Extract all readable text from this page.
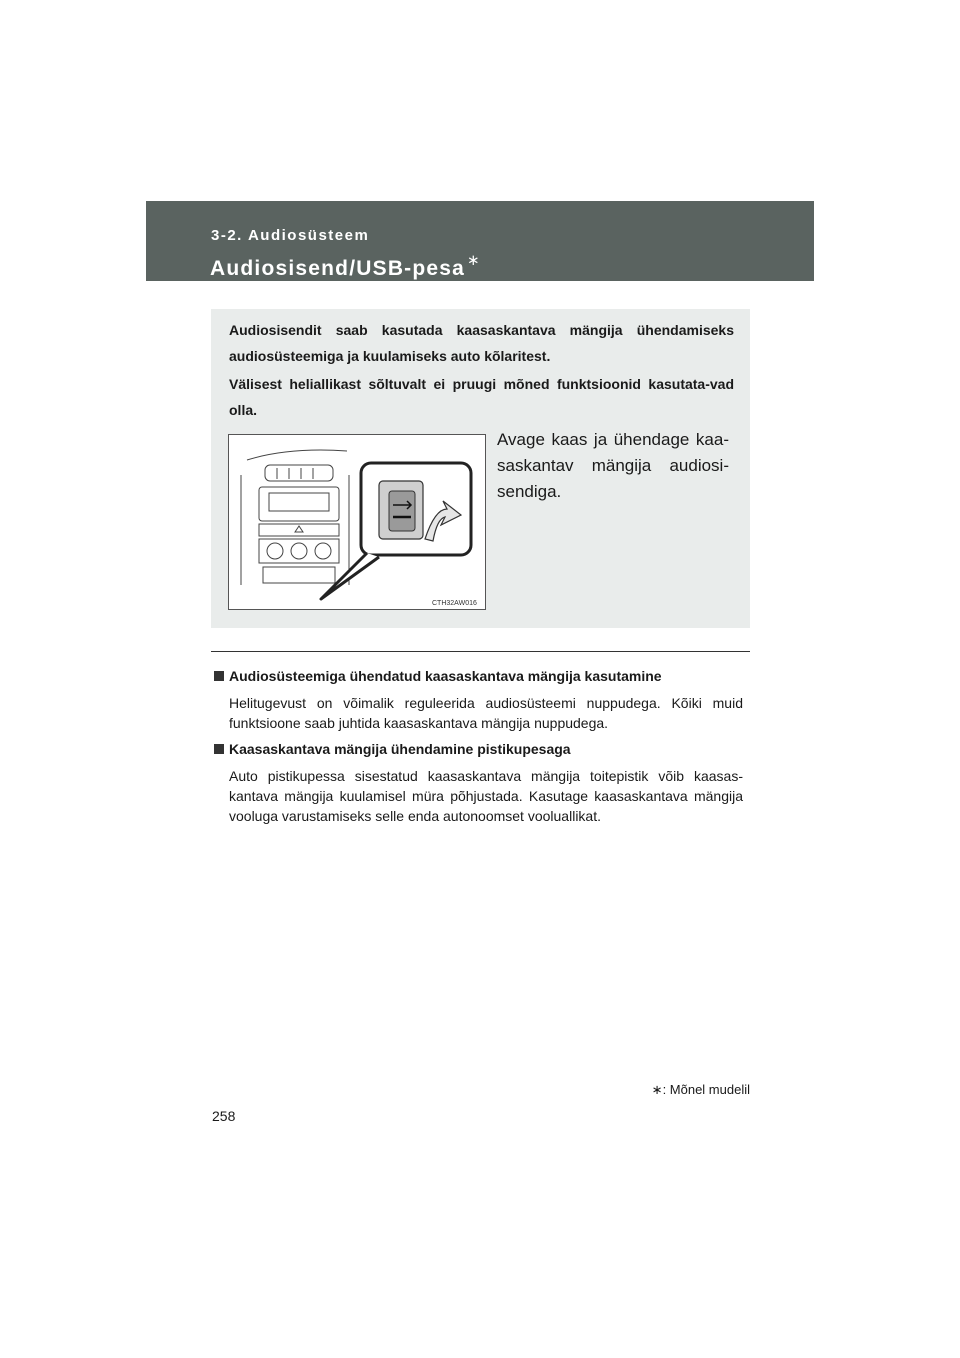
3-2. Audiosüsteem
Audiosisend/USB-pesa ∗

Audiosisendit saab kasutada kaasaskantava mängija ühendamiseks audiosüsteemiga ja kuulamiseks auto kõlaritest.

Välisest heliallikast sõltuvalt ei pruugi mõned funktsioonid kasutata-vad olla.

CTH32AW016

Avage kaas ja ühendage kaa-saskantav mängija audiosi-sendiga.

Audiosüsteemiga ühendatud kaasaskantava mängija kasutamine

Helitugevust on võimalik reguleerida audiosüsteemi nuppudega. Kõiki muid funktsioone saab juhtida kaasaskantava mängija nuppudega.

Kaasaskantava mängija ühendamine pistikupesaga

Auto pistikupessa sisestatud kaasaskantava mängija toitepistik võib kaasas-kantava mängija kuulamisel müra põhjustada. Kasutage kaasaskantava mängija vooluga varustamiseks selle enda autonoomset vooluallikat.

∗: Mõnel mudelil
258
